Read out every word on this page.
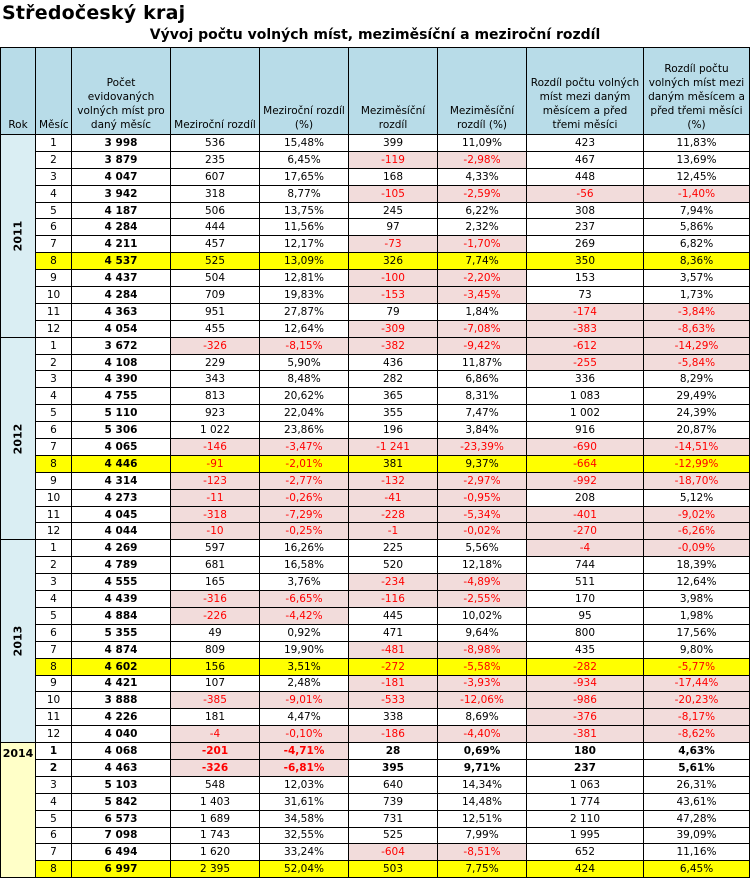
Středočeský kraj
Vývoj počtu volných míst, meziměsíční a meziroční rozdíl
Rok	Měsíc	Počet evidovaných volných míst pro daný měsíc	Meziroční rozdíl	Meziroční rozdíl (%)	Meziměsíční rozdíl	Meziměsíční rozdíl (%)	Rozdíl počtu volných míst mezi daným měsícem a před třemi měsíci	Rozdíl počtu volných míst mezi daným měsícem a před třemi měsíci (%)
2011	1	3 998	536	15,48%	399	11,09%	423	11,83%
	2	3 879	235	6,45%	-119	-2,98%	467	13,69%
	3	4 047	607	17,65%	168	4,33%	448	12,45%
	4	3 942	318	8,77%	-105	-2,59%	-56	-1,40%
	5	4 187	506	13,75%	245	6,22%	308	7,94%
	6	4 284	444	11,56%	97	2,32%	237	5,86%
	7	4 211	457	12,17%	-73	-1,70%	269	6,82%
	8	4 537	525	13,09%	326	7,74%	350	8,36%
	9	4 437	504	12,81%	-100	-2,20%	153	3,57%
	10	4 284	709	19,83%	-153	-3,45%	73	1,73%
	11	4 363	951	27,87%	79	1,84%	-174	-3,84%
	12	4 054	455	12,64%	-309	-7,08%	-383	-8,63%
2012	1	3 672	-326	-8,15%	-382	-9,42%	-612	-14,29%
	2	4 108	229	5,90%	436	11,87%	-255	-5,84%
	3	4 390	343	8,48%	282	6,86%	336	8,29%
	4	4 755	813	20,62%	365	8,31%	1 083	29,49%
	5	5 110	923	22,04%	355	7,47%	1 002	24,39%
	6	5 306	1 022	23,86%	196	3,84%	916	20,87%
	7	4 065	-146	-3,47%	-1 241	-23,39%	-690	-14,51%
	8	4 446	-91	-2,01%	381	9,37%	-664	-12,99%
	9	4 314	-123	-2,77%	-132	-2,97%	-992	-18,70%
	10	4 273	-11	-0,26%	-41	-0,95%	208	5,12%
	11	4 045	-318	-7,29%	-228	-5,34%	-401	-9,02%
	12	4 044	-10	-0,25%	-1	-0,02%	-270	-6,26%
2013	1	4 269	597	16,26%	225	5,56%	-4	-0,09%
	2	4 789	681	16,58%	520	12,18%	744	18,39%
	3	4 555	165	3,76%	-234	-4,89%	511	12,64%
	4	4 439	-316	-6,65%	-116	-2,55%	170	3,98%
	5	4 884	-226	-4,42%	445	10,02%	95	1,98%
	6	5 355	49	0,92%	471	9,64%	800	17,56%
	7	4 874	809	19,90%	-481	-8,98%	435	9,80%
	8	4 602	156	3,51%	-272	-5,58%	-282	-5,77%
	9	4 421	107	2,48%	-181	-3,93%	-934	-17,44%
	10	3 888	-385	-9,01%	-533	-12,06%	-986	-20,23%
	11	4 226	181	4,47%	338	8,69%	-376	-8,17%
	12	4 040	-4	-0,10%	-186	-4,40%	-381	-8,62%
2014	1	4 068	-201	-4,71%	28	0,69%	180	4,63%
	2	4 463	-326	-6,81%	395	9,71%	237	5,61%
	3	5 103	548	12,03%	640	14,34%	1 063	26,31%
	4	5 842	1 403	31,61%	739	14,48%	1 774	43,61%
	5	6 573	1 689	34,58%	731	12,51%	2 110	47,28%
	6	7 098	1 743	32,55%	525	7,99%	1 995	39,09%
	7	6 494	1 620	33,24%	-604	-8,51%	652	11,16%
	8	6 997	2 395	52,04%	503	7,75%	424	6,45%
